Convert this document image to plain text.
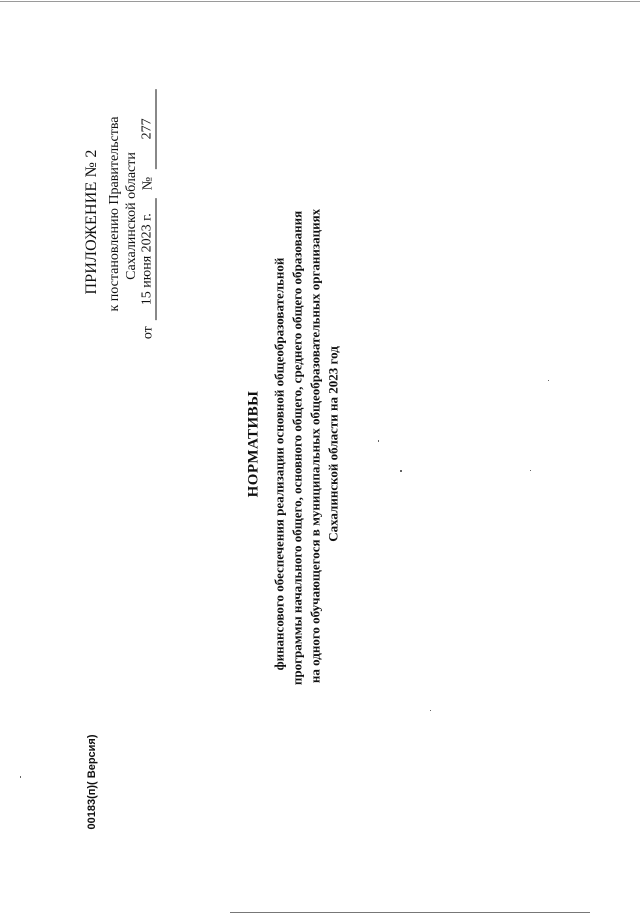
ПРИЛОЖЕНИЕ № 2 к постановлению Правительства Сахалинской области
от
15 июня 2023 г.
№
277
НОРМАТИВЫ финансового обеспечения реализации основной общеобразовательной программы начального общего, основного общего, среднего общего образования на одного обучающегося в муниципальных общеобразовательных организациях Сахалинской области на 2023 год
00183(п)( Версия)
